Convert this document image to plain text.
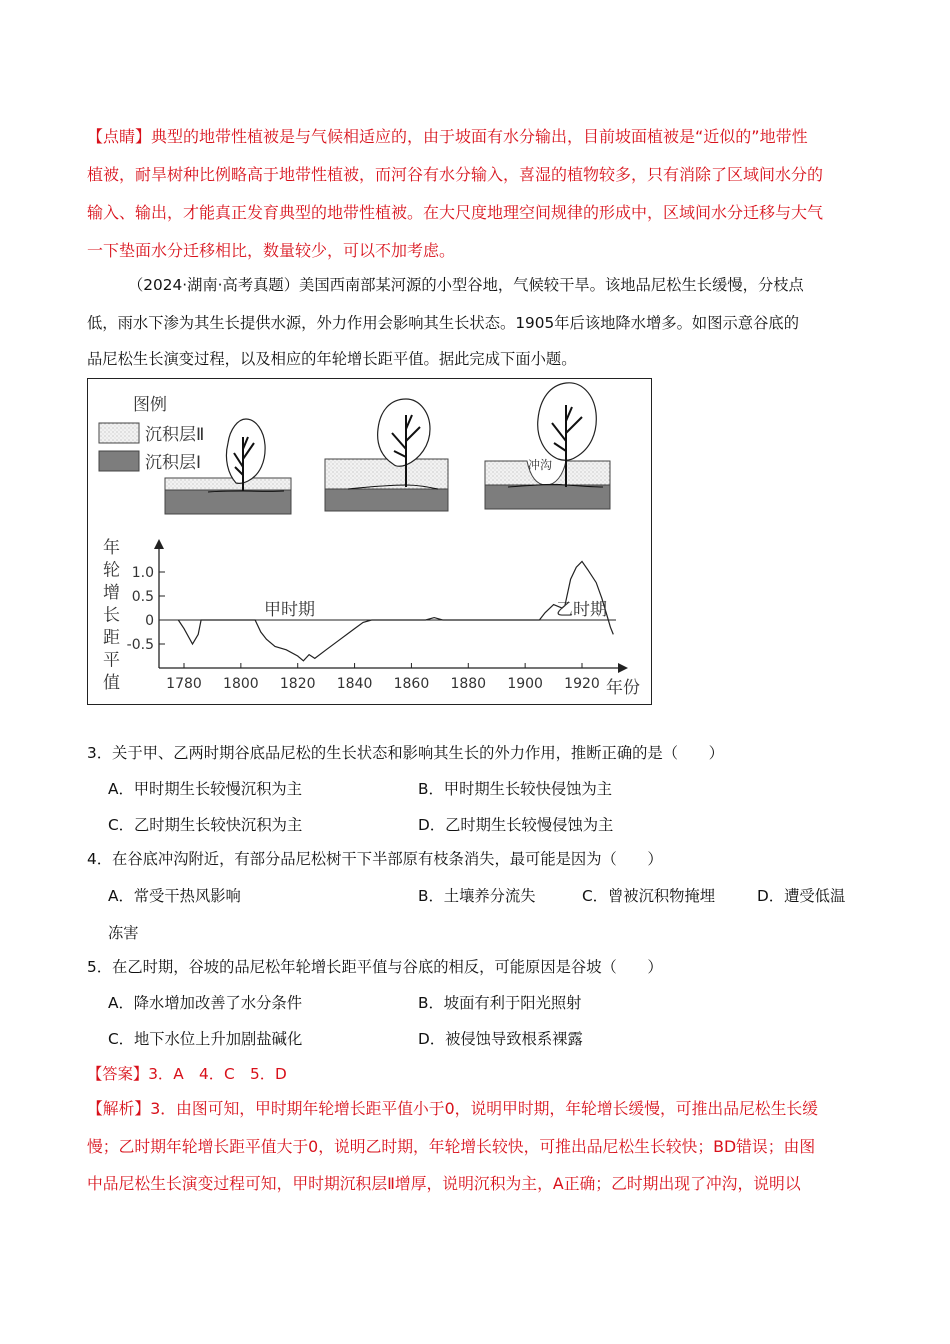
【点睛】典型的地带性植被是与气候相适应的，由于坡面有水分输出，目前坡面植被是“近似的”地带性
植被，耐旱树种比例略高于地带性植被，而河谷有水分输入，喜湿的植物较多，只有消除了区域间水分的
输入、输出，才能真正发育典型的地带性植被。在大尺度地理空间规律的形成中，区域间水分迁移与大气
一下垫面水分迁移相比，数量较少，可以不加考虑。
（2024·湖南·高考真题）美国西南部某河源的小型谷地，气候较干旱。该地品尼松生长缓慢，分枝点
低，雨水下渗为其生长提供水源，外力作用会影响其生长状态。1905年后该地降水增多。如图示意谷底的
品尼松生长演变过程，以及相应的年轮增长距平值。据此完成下面小题。
图例
沉积层Ⅱ
沉积层Ⅰ	冲沟
年
轮
增
长
距
平
值
1.0
0.5
0
-0.5
1780 1800 1820 1840 1860 1880 1900 1920
甲时期	乙时期
年份
3．关于甲、乙两时期谷底品尼松的生长状态和影响其生长的外力作用，推断正确的是（　　）
A．甲时期生长较慢沉积为主	B．甲时期生长较快侵蚀为主
C．乙时期生长较快沉积为主	D．乙时期生长较慢侵蚀为主
4．在谷底冲沟附近，有部分品尼松树干下半部原有枝条消失，最可能是因为（　　）
A．常受干热风影响	B．土壤养分流失	C．曾被沉积物掩埋	D．遭受低温
冻害
5．在乙时期，谷坡的品尼松年轮增长距平值与谷底的相反，可能原因是谷坡（　　）
A．降水增加改善了水分条件	B．坡面有利于阳光照射
C．地下水位上升加剧盐碱化	D．被侵蚀导致根系裸露
【答案】3．A　4．C　5．D
【解析】3．由图可知，甲时期年轮增长距平值小于0，说明甲时期，年轮增长缓慢，可推出品尼松生长缓
慢；乙时期年轮增长距平值大于0，说明乙时期，年轮增长较快，可推出品尼松生长较快；BD错误；由图
中品尼松生长演变过程可知，甲时期沉积层Ⅱ增厚，说明沉积为主，A正确；乙时期出现了冲沟，说明以
